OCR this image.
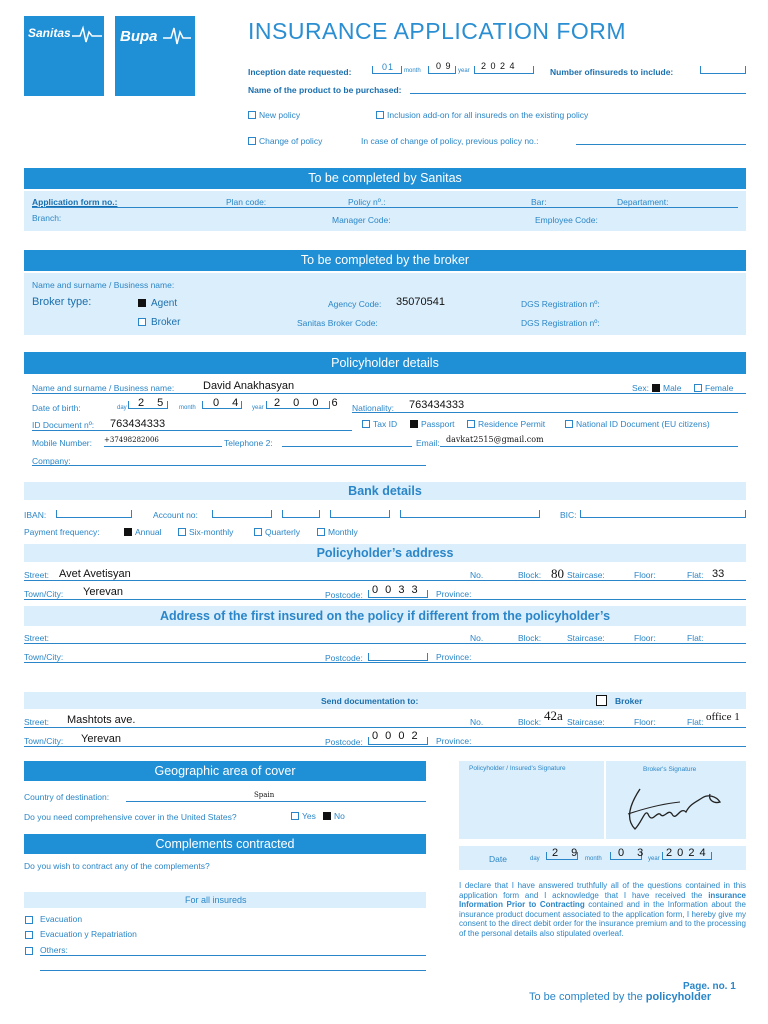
Sanitas	Bupa	INSURANCE APPLICATION FORM
Inception date requested:	01 month 0 9 year 2 0 2 4
Number ofinsureds to include:
Name of the product to be purchased:
New policy	Inclusion add-on for all insureds on the existing policy
Change of policy	In case of change of policy, previous policy no.:
To be completed by Sanitas
Application form no.:	Plan code:	Policy nº.:	Bar:	Departament:
Branch:	Manager Code:	Employee Code:
To be completed by the broker
Name and surname / Business name:
Broker type:	Agent	Agency Code: 35070541	DGS Registration nº:
Broker	Sanitas Broker Code:	DGS Registration nº:
Policyholder details
Name and surname / Business name:	David Anakhasyan	Sex: Male	Female
Date of birth:	day 2 5 month 0 4 year 2 0 0 6 Nationality: 763434333
ID Document nº: 763434333	Tax ID	Passport	Residence Permit	National ID Document (EU citizens)
Mobile Number: +37498282006	Telephone 2:	Email: davkat2515@gmail.com
Company:
Bank details
IBAN:	Account no:	BIC:
Payment frequency:	Annual	Six-monthly	Quarterly	Monthly
Policyholder’s address
Street: Avet Avetisyan	No.	Block: 80 Staircase:	Floor:	Flat: 33
Town/City: Yerevan	Postcode: 0 0 3 3 Province:
Address of the first insured on the policy if different from the policyholder’s
Street:	No.	Block:	Staircase:	Floor:	Flat:
Town/City:	Postcode:	Province:
Send documentation to:	Broker
Street: Mashtots ave.	No.	Block: 42a Staircase:	Floor:	Flat: office 1
Town/City: Yerevan	Postcode: 0 0 0 2 Province:
Geographic area of cover
Country of destination:	Spain
Do you need comprehensive cover in the United States?	Yes No
Policyholder / Insured's Signature	Broker's Signature
Date	day 2 9 month 0 3 year 2 0 2 4
Complements contracted
Do you wish to contract any of the complements?
For all insureds
Evacuation
Evacuation y Repatriation
Others:
I declare that I have answered truthfully all of the questions contained in this application form and I acknowledge that I have received the insurance Information Prior to Contracting contained and in the Information about the insurance product document associated to the application form, I hereby give my consent to the direct debit order for the insurance premium and to the processing of the personal details also stipulated overleaf.
Page. no. 1
To be completed by the policyholder
